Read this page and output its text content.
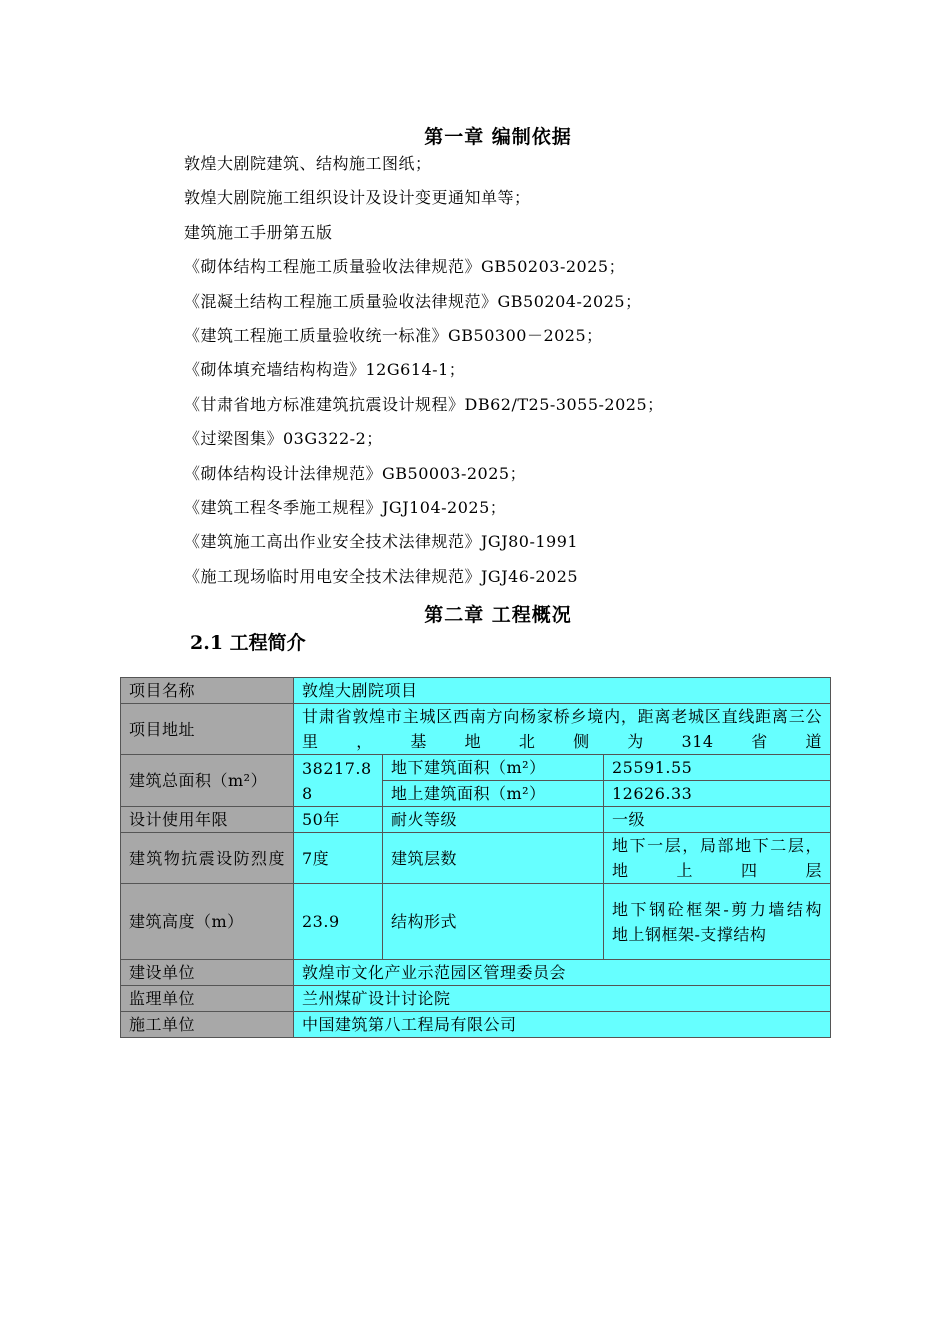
第一章 编制依据
敦煌大剧院建筑、结构施工图纸；
敦煌大剧院施工组织设计及设计变更通知单等；
建筑施工手册第五版
《砌体结构工程施工质量验收法律规范》GB50203-2025；
《混凝土结构工程施工质量验收法律规范》GB50204-2025；
《建筑工程施工质量验收统一标准》GB50300－2025；
《砌体填充墙结构构造》12G614-1；
《甘肃省地方标准建筑抗震设计规程》DB62/T25-3055-2025；
《过梁图集》03G322-2；
《砌体结构设计法律规范》GB50003-2025；
《建筑工程冬季施工规程》JGJ104-2025；
《建筑施工高出作业安全技术法律规范》JGJ80-1991
《施工现场临时用电安全技术法律规范》JGJ46-2025
第二章 工程概况
2.1 工程简介
项目名称	敦煌大剧院项目		
项目地址	甘肃省敦煌市主城区西南方向杨家桥乡境内，距离老城区直线距离三公里，基地北侧为314省道		
建筑总面积（m²）	38217.88	地下建筑面积（m²）	25591.55
		地上建筑面积（m²）	12626.33
设计使用年限	50年	耐火等级	一级
建筑物抗震设防烈度	7度	建筑层数	地下一层，局部地下二层，地上四层
建筑高度（m）	23.9	结构形式	地下钢砼框架-剪力墙结构
地上钢框架-支撑结构

建设单位	敦煌市文化产业示范园区管理委员会		
监理单位	兰州煤矿设计讨论院		
施工单位	中国建筑第八工程局有限公司		
